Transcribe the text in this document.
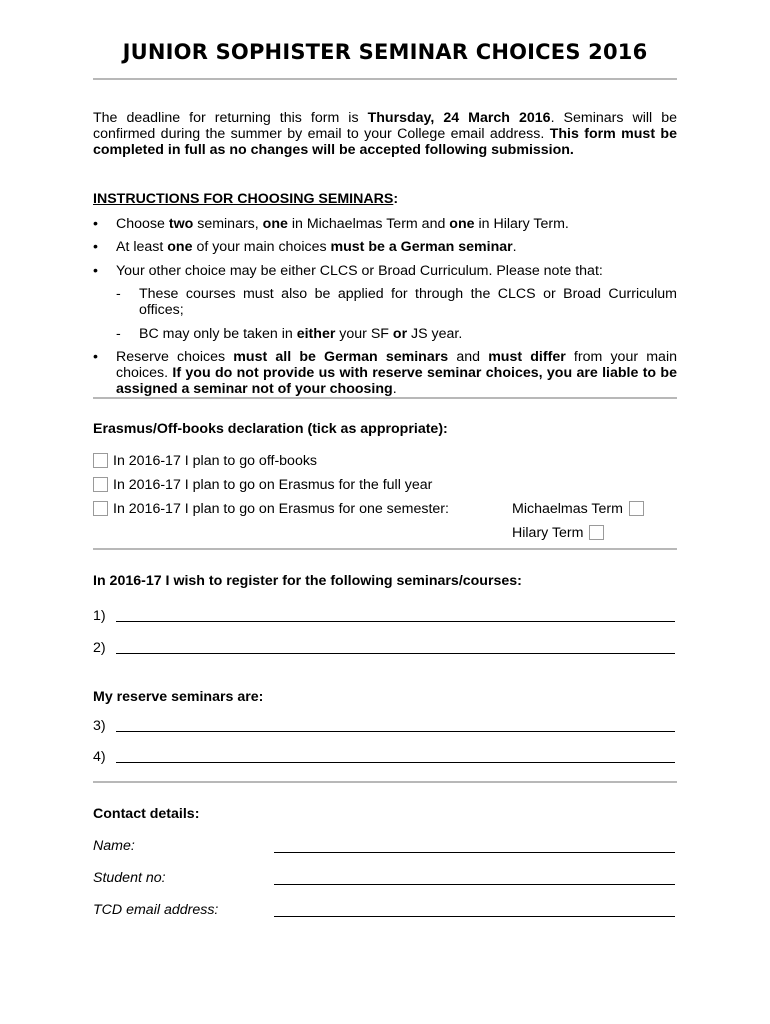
JUNIOR SOPHISTER SEMINAR CHOICES 2016
The deadline for returning this form is Thursday, 24 March 2016. Seminars will be confirmed during the summer by email to your College email address. This form must be completed in full as no changes will be accepted following submission.
INSTRUCTIONS FOR CHOOSING SEMINARS:
•	Choose two seminars, one in Michaelmas Term and one in Hilary Term.
•	At least one of your main choices must be a German seminar.
•	Your other choice may be either CLCS or Broad Curriculum. Please note that:
- These courses must also be applied for through the CLCS or Broad Curriculum offices;
- BC may only be taken in either your SF or JS year.
•	Reserve choices must all be German seminars and must differ from your main choices. If you do not provide us with reserve seminar choices, you are liable to be assigned a seminar not of your choosing.
Erasmus/Off-books declaration (tick as appropriate):
In 2016-17 I plan to go off-books
In 2016-17 I plan to go on Erasmus for the full year
In 2016-17 I plan to go on Erasmus for one semester:	Michaelmas Term
Hilary Term
In 2016-17 I wish to register for the following seminars/courses:
1)
2)
My reserve seminars are:
3)
4)
Contact details:
Name:
Student no:
TCD email address:
